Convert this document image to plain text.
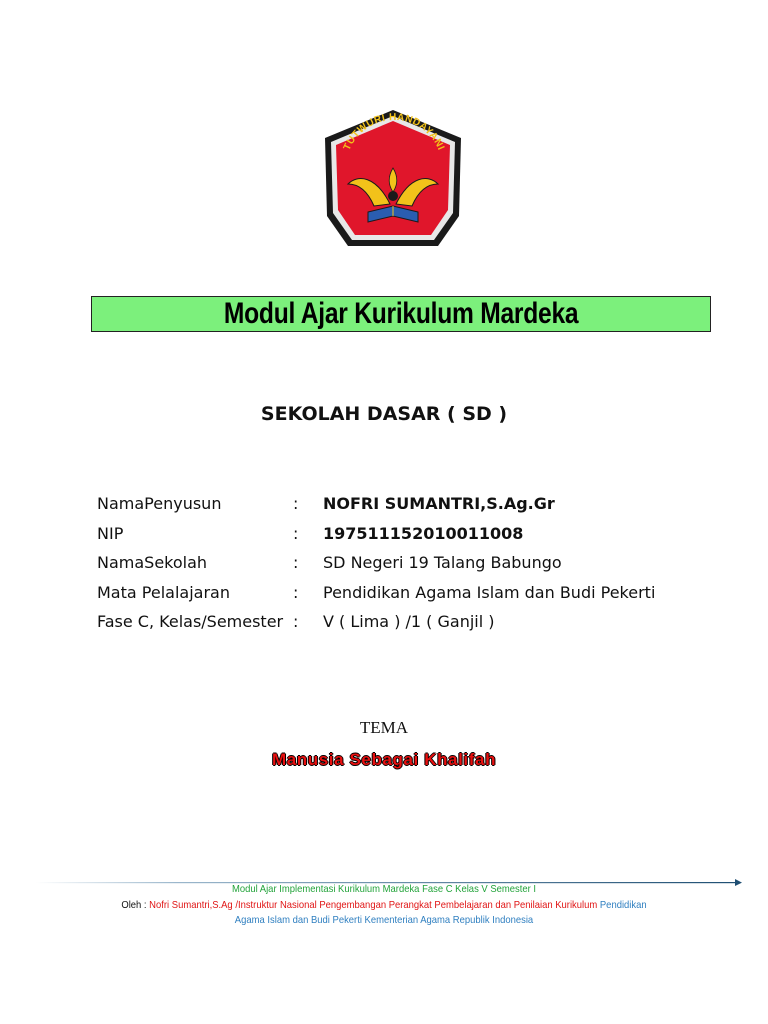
TUTWURI HANDAYANI
Modul Ajar Kurikulum Mardeka
SEKOLAH DASAR ( SD )
NamaPenyusun	: NOFRI SUMANTRI,S.Ag.Gr
NIP	: 197511152010011008
NamaSekolah	: SD Negeri 19 Talang Babungo
Mata Pelalajaran	: Pendidikan Agama Islam dan Budi Pekerti
Fase C, Kelas/Semester : V ( Lima ) /1 ( Ganjil )
TEMA
Manusia Sebagai Khalifah
Modul Ajar Implementasi Kurikulum Mardeka Fase C Kelas V Semester I
Oleh : Nofri Sumantri,S.Ag /Instruktur Nasional Pengembangan Perangkat Pembelajaran dan Penilaian Kurikulum Pendidikan
Agama Islam dan Budi Pekerti Kementerian Agama Republik Indonesia
